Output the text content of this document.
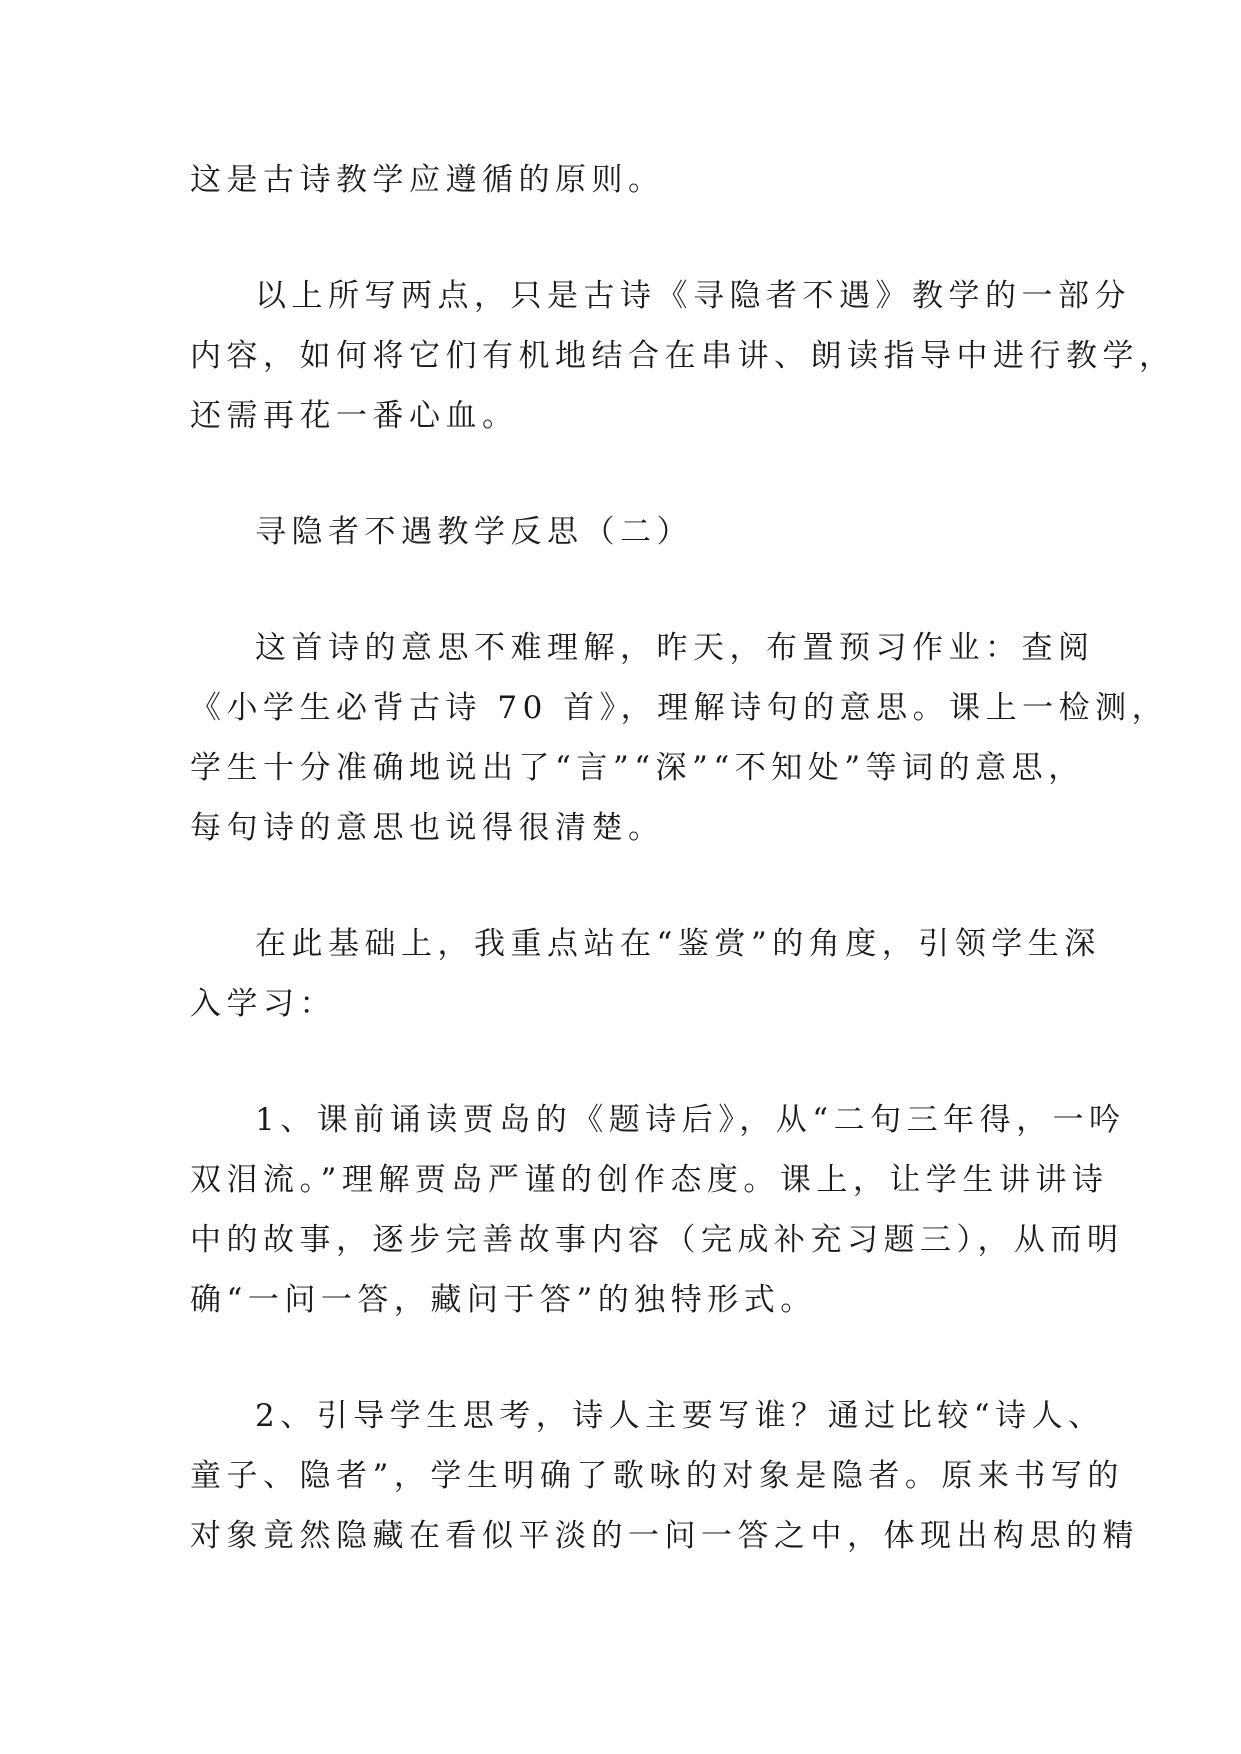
这是古诗教学应遵循的原则。
以上所写两点，只是古诗《寻隐者不遇》教学的一部分
内容，如何将它们有机地结合在串讲、朗读指导中进行教学，
还需再花一番心血。
寻隐者不遇教学反思（二）
这首诗的意思不难理解，昨天，布置预习作业：查阅
《小学生必背古诗 70 首》，理解诗句的意思。课上一检测，
学生十分准确地说出了“言”“深”“不知处”等词的意思，
每句诗的意思也说得很清楚。
在此基础上，我重点站在“鉴赏”的角度，引领学生深
入学习：
1、课前诵读贾岛的《题诗后》，从“二句三年得，一吟
双泪流。”理解贾岛严谨的创作态度。课上，让学生讲讲诗
中的故事，逐步完善故事内容（完成补充习题三），从而明
确“一问一答，藏问于答”的独特形式。
2、引导学生思考，诗人主要写谁？通过比较“诗人、
童子、隐者”，学生明确了歌咏的对象是隐者。原来书写的
对象竟然隐藏在看似平淡的一问一答之中，体现出构思的精
